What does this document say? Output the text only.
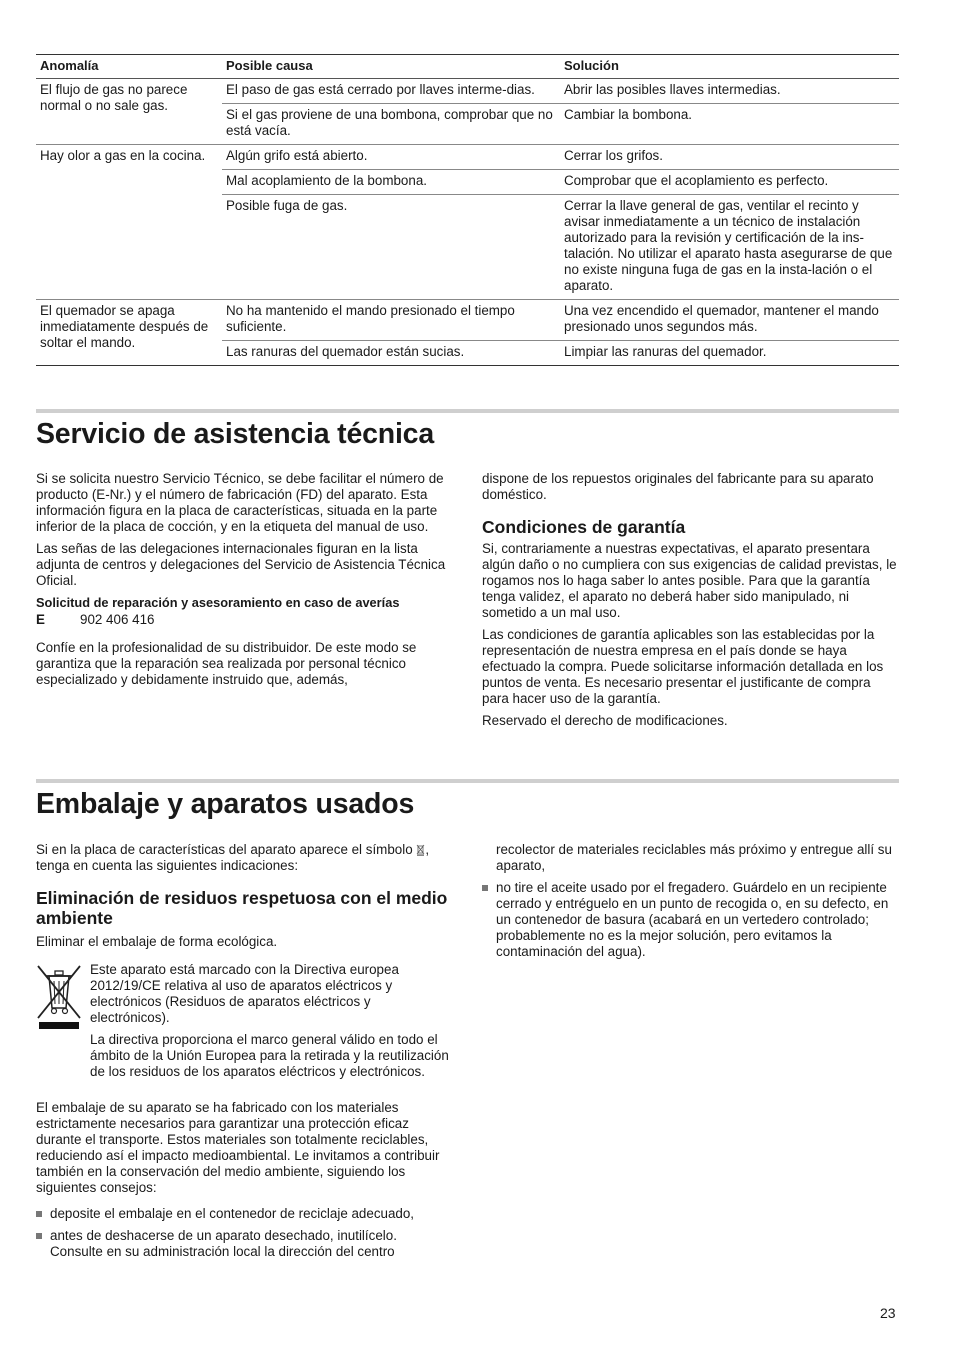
Anomalía	Posible causa	Solución
El flujo de gas no parece normal o no sale gas.	El paso de gas está cerrado por llaves interme-dias.	Abrir las posibles llaves intermedias.
	Si el gas proviene de una bombona, comprobar que no está vacía.	Cambiar la bombona.
Hay olor a gas en la cocina.	Algún grifo está abierto.	Cerrar los grifos.
	Mal acoplamiento de la bombona.	Comprobar que el acoplamiento es perfecto.
	Posible fuga de gas.	Cerrar la llave general de gas, ventilar el recinto y avisar inmediatamente a un técnico de instalación autorizado para la revisión y certificación de la ins-talación. No utilizar el aparato hasta asegurarse de que no existe ninguna fuga de gas en la insta-lación o el aparato.
El quemador se apaga inmediatamente después de soltar el mando.	No ha mantenido el mando presionado el tiempo suficiente.	Una vez encendido el quemador, mantener el mando presionado unos segundos más.
	Las ranuras del quemador están sucias.	Limpiar las ranuras del quemador.
Servicio de asistencia técnica

Si se solicita nuestro Servicio Técnico, se debe facilitar el número de producto (E-Nr.) y el número de fabricación (FD) del aparato. Esta información figura en la placa de características, situada en la parte inferior de la placa de cocción, y en la etiqueta del manual de uso.

Las señas de las delegaciones internacionales figuran en la lista adjunta de centros y delegaciones del Servicio de Asistencia Técnica Oficial.

Solicitud de reparación y asesoramiento en caso de averías
E	902 406 416

Confíe en la profesionalidad de su distribuidor. De este modo se garantiza que la reparación sea realizada por personal técnico especializado y debidamente instruido que, además,

dispone de los repuestos originales del fabricante para su aparato doméstico.

Condiciones de garantía

Si, contrariamente a nuestras expectativas, el aparato presentara algún daño o no cumpliera con sus exigencias de calidad previstas, le rogamos nos lo haga saber lo antes posible. Para que la garantía tenga validez, el aparato no deberá haber sido manipulado, ni sometido a un mal uso.

Las condiciones de garantía aplicables son las establecidas por la representación de nuestra empresa en el país donde se haya efectuado la compra. Puede solicitarse información detallada en los puntos de venta. Es necesario presentar el justificante de compra para hacer uso de la garantía.

Reservado el derecho de modificaciones.

Embalaje y aparatos usados

Si en la placa de características del aparato aparece el símbolo , tenga en cuenta las siguientes indicaciones:

Eliminación de residuos respetuosa con el medio ambiente

Eliminar el embalaje de forma ecológica.

Este aparato está marcado con la Directiva europea 2012/19/CE relativa al uso de aparatos eléctricos y electrónicos (Residuos de aparatos eléctricos y electrónicos).

La directiva proporciona el marco general válido en todo el ámbito de la Unión Europea para la retirada y la reutilización de los residuos de los aparatos eléctricos y electrónicos.

El embalaje de su aparato se ha fabricado con los materiales estrictamente necesarios para garantizar una protección eficaz durante el transporte. Estos materiales son totalmente reciclables, reduciendo así el impacto medioambiental. Le invitamos a contribuir también en la conservación del medio ambiente, siguiendo los siguientes consejos:

deposite el embalaje en el contenedor de reciclaje adecuado,
antes de deshacerse de un aparato desechado, inutilícelo. Consulte en su administración local la dirección del centro
recolector de materiales reciclables más próximo y entregue allí su aparato,
no tire el aceite usado por el fregadero. Guárdelo en un recipiente cerrado y entréguelo en un punto de recogida o, en su defecto, en un contenedor de basura (acabará en un vertedero controlado; probablemente no es la mejor solución, pero evitamos la contaminación del agua).
23
